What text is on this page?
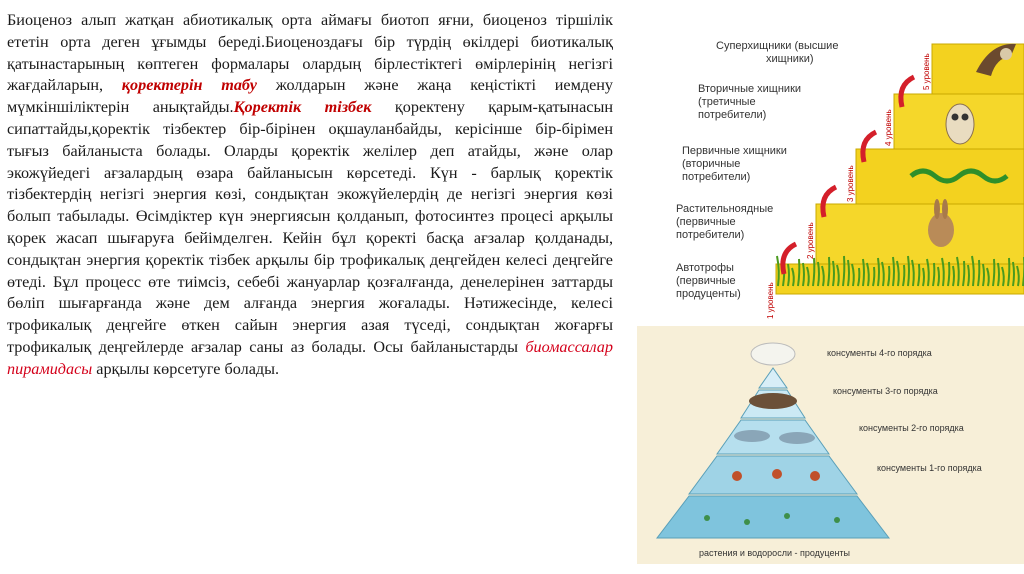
Биоценоз алып жатқан абиотикалық орта аймағы биотоп яғни, биоценоз тіршілік ететін орта деген ұғымды береді.Биоценоздағы бір түрдің өкілдері биотикалық қатынастарының көптеген формалары олардың бірлестіктегі өмірлерінің негізгі жағдайларын, қоректерін табу жолдарын және жаңа кеңістікті иемдену мүмкіншіліктерін анықтайды.Қоректік тізбек қоректену қарым-қатынасын сипаттайды,қоректік тізбектер бір-бірінен оқшауланбайды, керісінше бір-бірімен тығыз байланыста болады. Оларды қоректік желілер деп атайды, және олар экожүйедегі ағзалардың өзара байланысын көрсетеді. Күн - барлық қоректік тізбектердің негізгі энергия көзі, сондықтан экожүйелердің де негізгі энергия көзі болып табылады. Өсімдіктер күн энергиясын қолданып, фотосинтез процесі арқылы қорек жасап шығаруға бейімделген. Кейін бұл қоректі басқа ағзалар қолданады, сондықтан энергия қоректік тізбек арқылы бір трофикалық деңгейден келесі деңгейге өтеді. Бұл процесс өте тиімсіз, себебі жануарлар қозғалғанда, денелерінен заттарды бөліп шығарғанда және дем алғанда энергия жоғалады. Нәтижесінде, келесі трофикалық деңгейге өткен сайын энергия азая түседі, сондықтан жоғарғы трофикалық деңгейлерде ағзалар саны аз болады. Осы байланыстарды биомассалар пирамидасы арқылы көрсетуге болады.

1 уровень
2 уровень
3 уровень
4 уровень
5 уровень
Суперхищники (высшие хищники)
Вторичные хищники (третичные потребители)
Первичные хищники (вторичные потребители)
Растительноядные (первичные потребители)
Автотрофы (первичные продуценты)
консументы 4-го порядка
консументы 3-го порядка
консументы 2-го порядка
консументы 1-го порядка
растения и водоросли - продуценты
